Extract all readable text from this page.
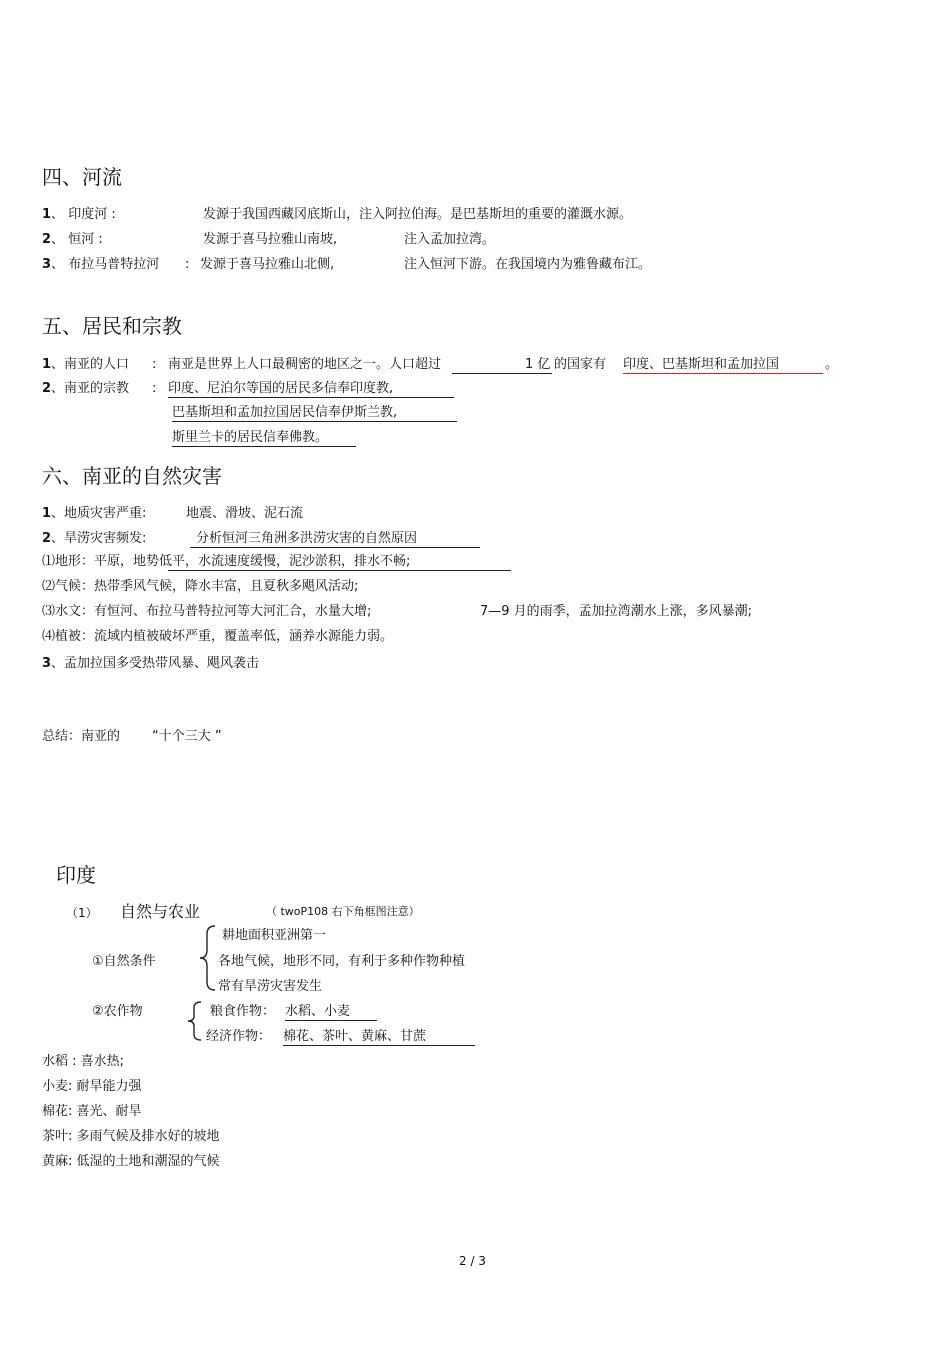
四、河流
1、 印度河 :	发源于我国西藏冈底斯山，注入阿拉伯海。是巴基斯坦的重要的灌溉水源。
2、 恒河 :	发源于喜马拉雅山南坡,	注入孟加拉湾。
3、 布拉马普特拉河 : 发源于喜马拉雅山北侧,	注入恒河下游。在我国境内为雅鲁藏布江。
五、居民和宗教
1、南亚的人口 : 南亚是世界上人口最稠密的地区之一。人口超过	1 亿 的国家有 印度、巴基斯坦和孟加拉国	。
2、南亚的宗教 : 印度、尼泊尔等国的居民多信奉印度教,
巴基斯坦和孟加拉国居民信奉伊斯兰教,
斯里兰卡的居民信奉佛教。
六、南亚的自然灾害
1、地质灾害严重:	地震、滑坡、泥石流
2、旱涝灾害频发:	分析恒河三角洲多洪涝灾害的自然原因
⑴地形：平原，地势低平，水流速度缓慢，泥沙淤积，排水不畅;
⑵气候：热带季风气候，降水丰富，且夏秋多飓风活动;
⑶水文：有恒河、布拉马普特拉河等大河汇合，水量大增;	7—9 月的雨季，孟加拉湾潮水上涨，多风暴潮;
⑷植被：流域内植被破坏严重，覆盖率低，涵养水源能力弱。
3、孟加拉国多受热带风暴、飓风袭击
总结：南亚的 “十个三大 ”
印度
（1） 自然与农业	（ twoP108 右下角框图注意）
①自然条件
耕地面积亚洲第一
各地气候，地形不同，有利于多种作物种植
常有旱涝灾害发生
②农作物	粮食作物： 水稻、小麦
经济作物： 棉花、茶叶、黄麻、甘蔗
水稻 : 喜水热;
小麦: 耐旱能力强
棉花: 喜光、耐旱
茶叶: 多雨气候及排水好的坡地
黄麻: 低湿的土地和潮湿的气候
2 / 3
